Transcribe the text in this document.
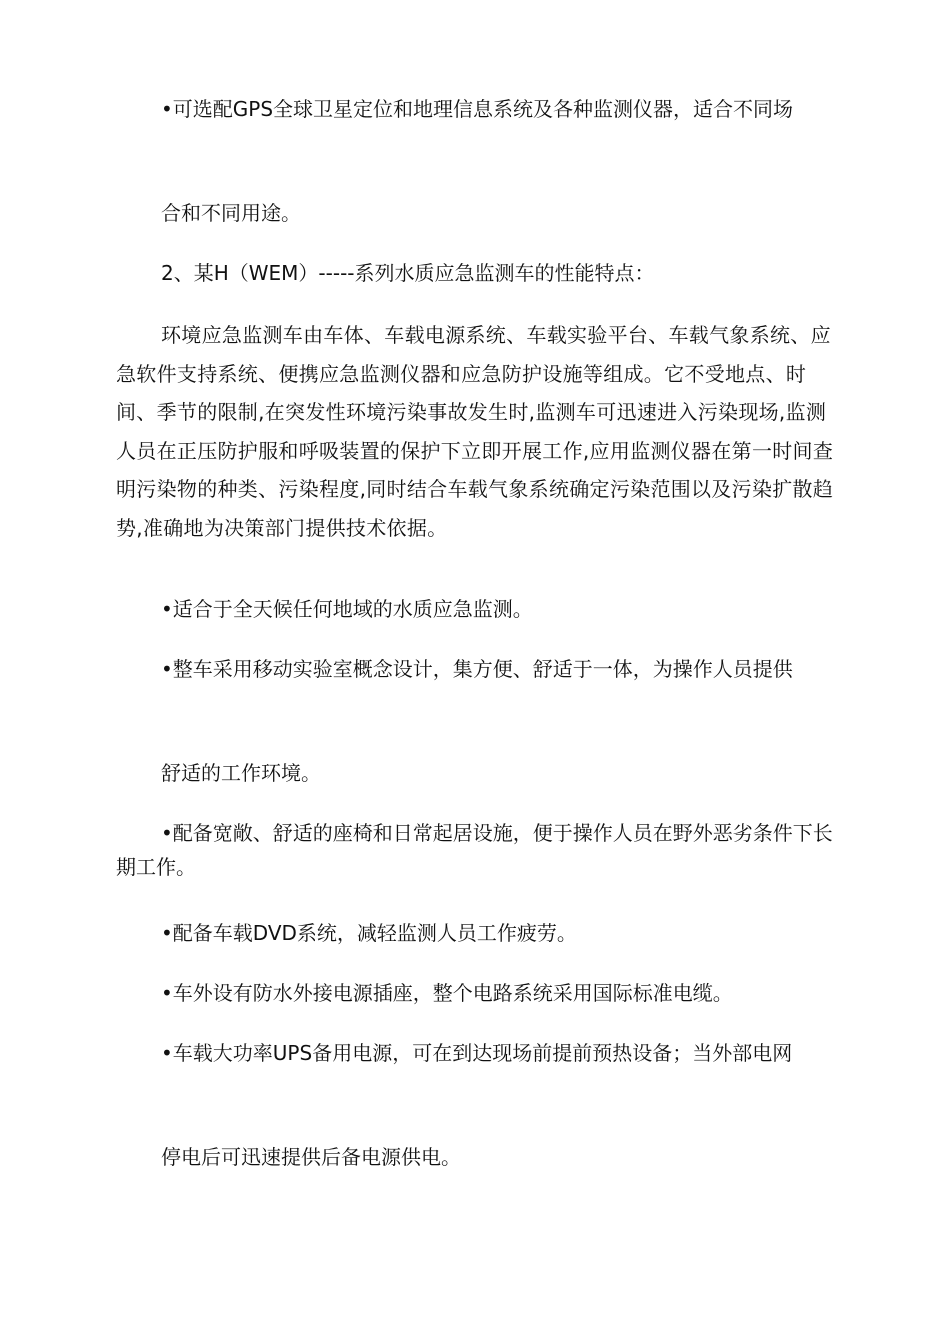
•可选配GPS全球卫星定位和地理信息系统及各种监测仪器，适合不同场

合和不同用途。

2、某H（WEM）-----系列水质应急监测车的性能特点：

环境应急监测车由车体、车载电源系统、车载实验平台、车载气象系统、应急软件支持系统、便携应急监测仪器和应急防护设施等组成。它不受地点、时间、季节的限制,在突发性环境污染事故发生时,监测车可迅速进入污染现场,监测人员在正压防护服和呼吸装置的保护下立即开展工作,应用监测仪器在第一时间查明污染物的种类、污染程度,同时结合车载气象系统确定污染范围以及污染扩散趋势,准确地为决策部门提供技术依据。

•适合于全天候任何地域的水质应急监测。

•整车采用移动实验室概念设计，集方便、舒适于一体，为操作人员提供

舒适的工作环境。

•配备宽敞、舒适的座椅和日常起居设施，便于操作人员在野外恶劣条件下长期工作。

•配备车载DVD系统，减轻监测人员工作疲劳。

•车外设有防水外接电源插座，整个电路系统采用国际标准电缆。

•车载大功率UPS备用电源，可在到达现场前提前预热设备；当外部电网

停电后可迅速提供后备电源供电。
